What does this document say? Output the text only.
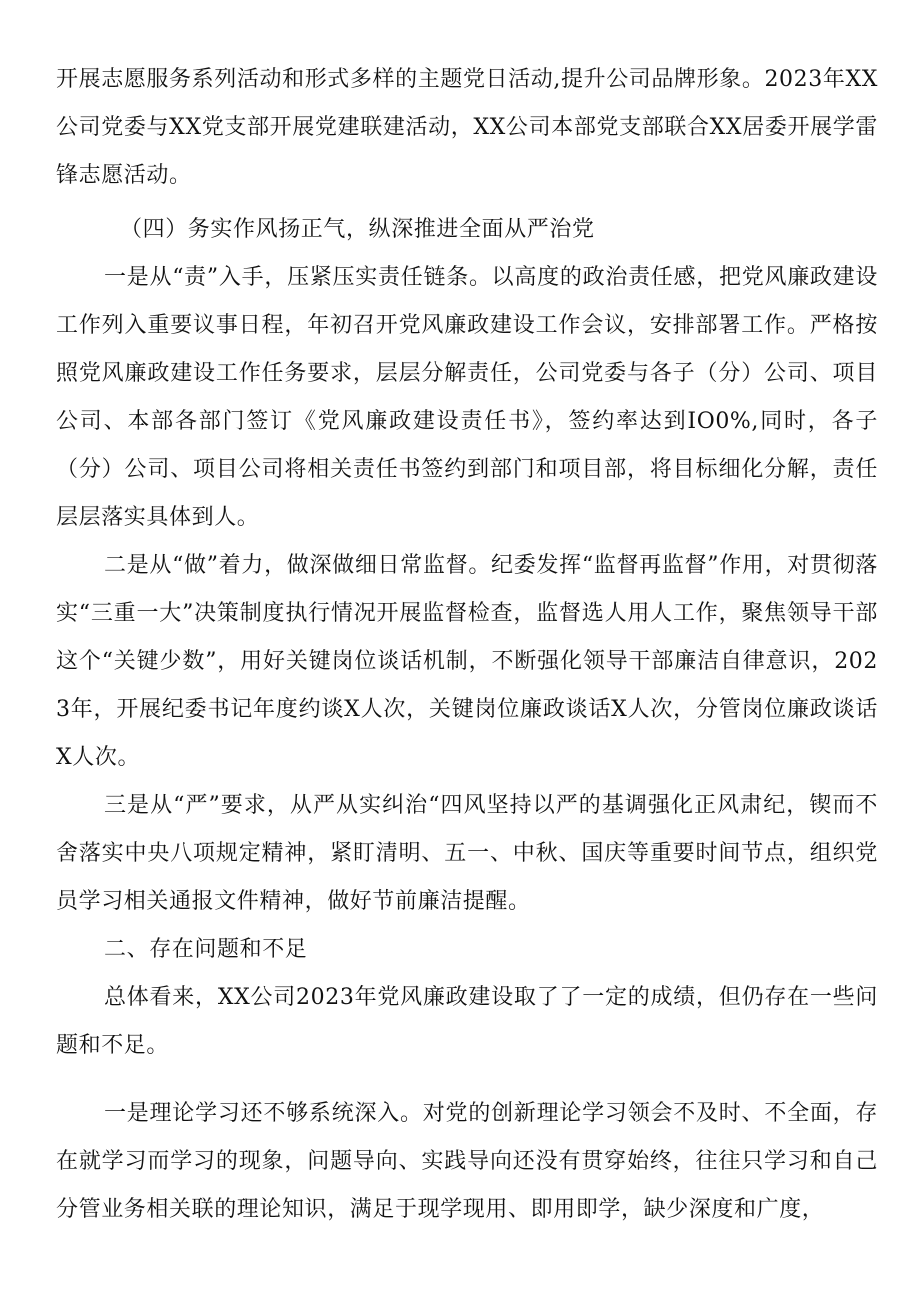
开展志愿服务系列活动和形式多样的主题党日活动,提升公司品牌形象。2023年XX公司党委与XX党支部开展党建联建活动，XX公司本部党支部联合XX居委开展学雷锋志愿活动。

（四）务实作风扬正气，纵深推进全面从严治党

一是从“责”入手，压紧压实责任链条。以高度的政治责任感，把党风廉政建设工作列入重要议事日程，年初召开党风廉政建设工作会议，安排部署工作。严格按照党风廉政建设工作任务要求，层层分解责任，公司党委与各子（分）公司、项目公司、本部各部门签订《党风廉政建设责任书》，签约率达到IO0%,同时，各子（分）公司、项目公司将相关责任书签约到部门和项目部，将目标细化分解，责任层层落实具体到人。

二是从“做”着力，做深做细日常监督。纪委发挥“监督再监督”作用，对贯彻落实“三重一大”决策制度执行情况开展监督检查，监督选人用人工作，聚焦领导干部这个“关键少数”，用好关键岗位谈话机制，不断强化领导干部廉洁自律意识，2023年，开展纪委书记年度约谈X人次，关键岗位廉政谈话X人次，分管岗位廉政谈话X人次。

三是从“严”要求，从严从实纠治“四风坚持以严的基调强化正风肃纪，锲而不舍落实中央八项规定精神，紧盯清明、五一、中秋、国庆等重要时间节点，组织党员学习相关通报文件精神，做好节前廉洁提醒。

二、存在问题和不足

总体看来，XX公司2023年党风廉政建设取了了一定的成绩，但仍存在一些问题和不足。

一是理论学习还不够系统深入。对党的创新理论学习领会不及时、不全面，存在就学习而学习的现象，问题导向、实践导向还没有贯穿始终，往往只学习和自己分管业务相关联的理论知识，满足于现学现用、即用即学，缺少深度和广度，
